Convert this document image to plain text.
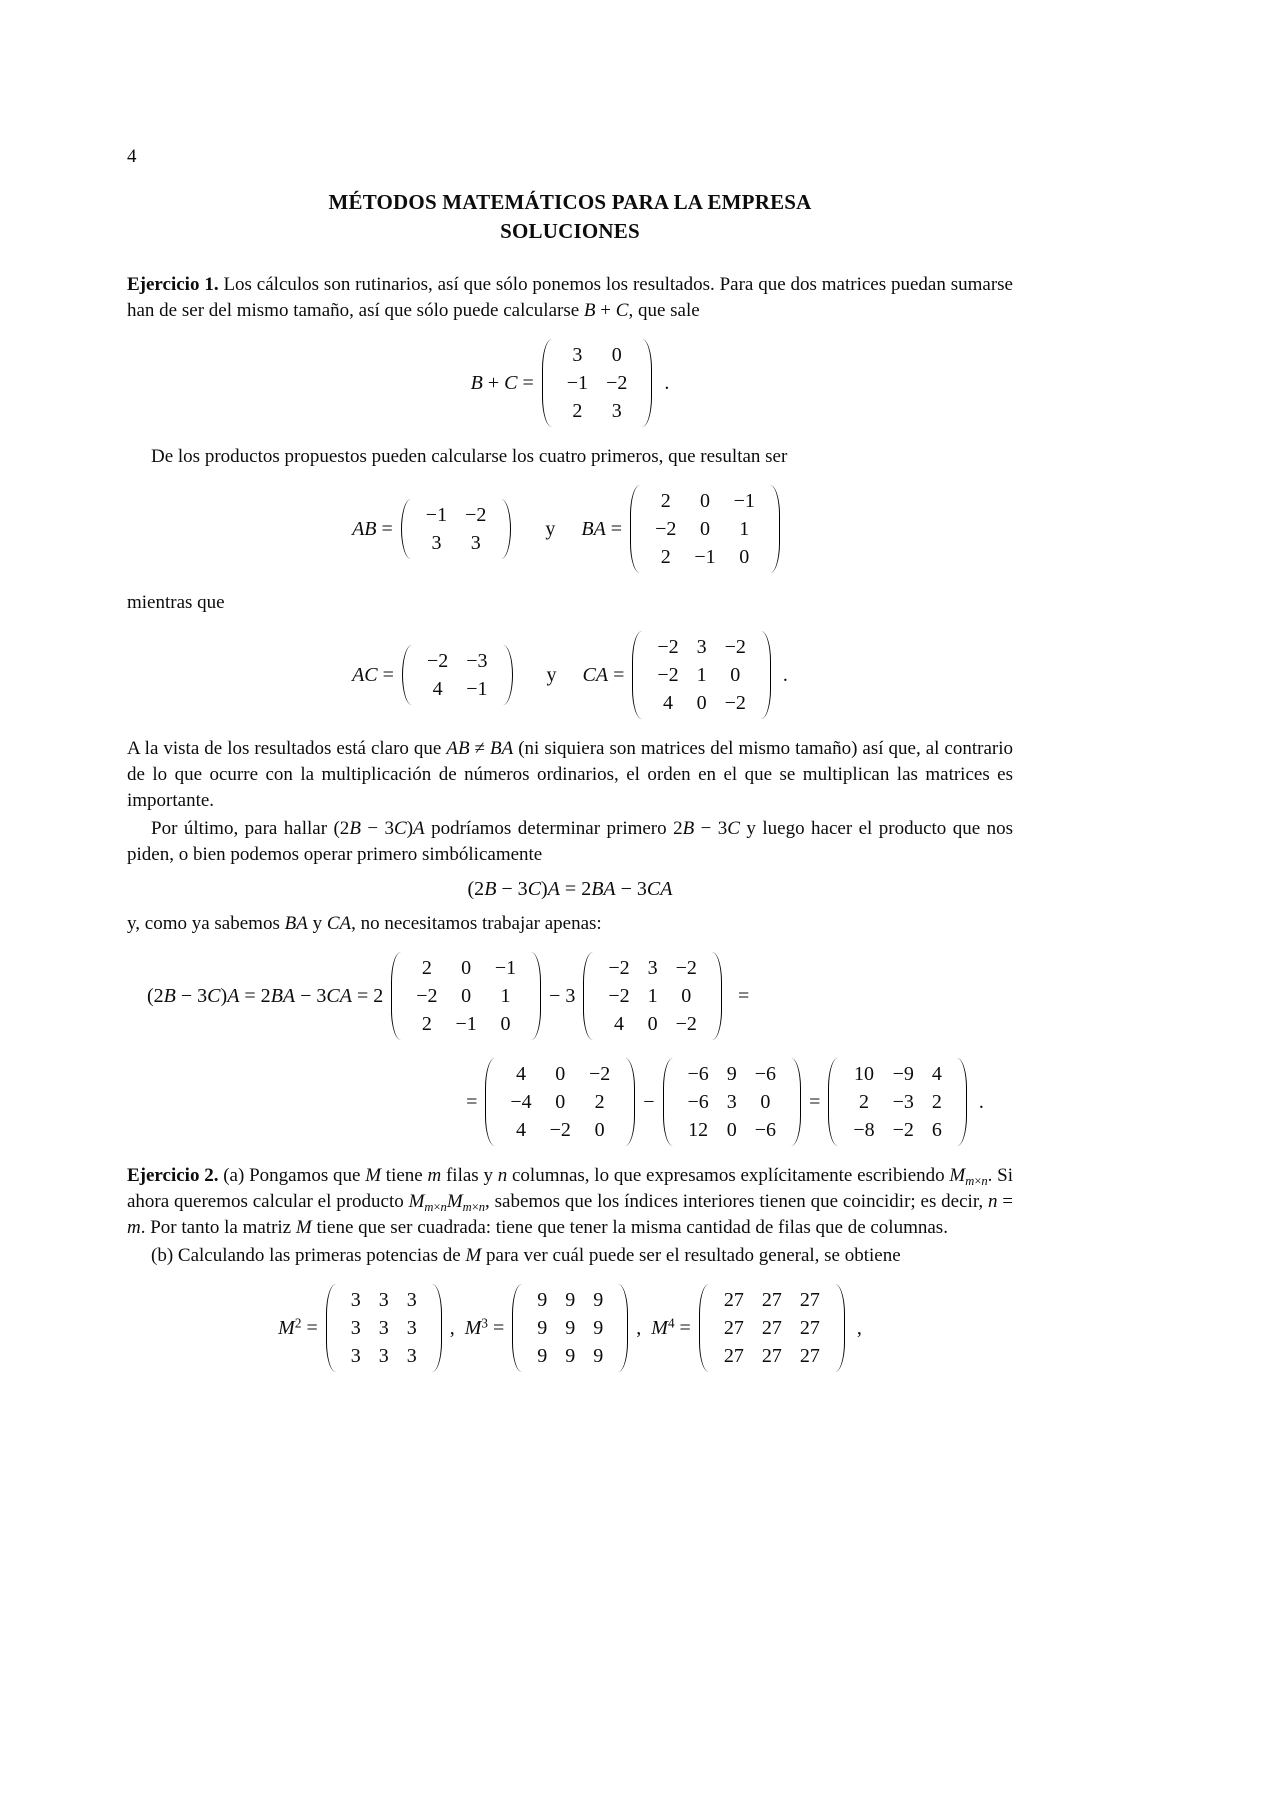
4
MÉTODOS MATEMÁTICOS PARA LA EMPRESA
SOLUCIONES

Ejercicio 1. Los cálculos son rutinarios, así que sólo ponemos los resultados. Para que dos matrices puedan sumarse han de ser del mismo tamaño, así que sólo puede calcularse B + C, que sale

B + C =
3	0
−1 −2
2	3
.

De los productos propuestos pueden calcularse los cuatro primeros, que resultan ser

AB =
−1 −2
3	3
y BA =
2	0	−1
−2	0	1
2	−1	0

mientras que

AC =
−2 −3
4	−1
y CA =
−2 3 −2
−2 1	0
4	0 −2
.

A la vista de los resultados está claro que AB ≠ BA (ni siquiera son matrices del mismo tamaño) así que, al contrario de lo que ocurre con la multiplicación de números ordinarios, el orden en el que se multiplican las matrices es importante.

Por último, para hallar (2B − 3C)A podríamos determinar primero 2B − 3C y luego hacer el producto que nos piden, o bien podemos operar primero simbólicamente

(2B − 3C)A = 2BA − 3CA

y, como ya sabemos BA y CA, no necesitamos trabajar apenas:

(2B − 3C)A = 2BA − 3CA = 2
2	0	−1
−2	0	1
2	−1	0
− 3
−2 3 −2
−2 1	0
4	0 −2
=
=
4	0	−2
−4	0	2
4	−2	0
−
−6 9 −6
−6 3	0
12 0 −6
=
10 −9 4
2	−3 2
−8 −2 6
.

Ejercicio 2. (a) Pongamos que M tiene m filas y n columnas, lo que expresamos explícitamente escribiendo $M_{m\times n}$. Si ahora queremos calcular el producto $M_{m\times n}M_{m\times n}$, sabemos que los índices interiores tienen que coincidir; es decir, n = m. Por tanto la matriz M tiene que ser cuadrada: tiene que tener la misma cantidad de filas que de columnas.

(b) Calculando las primeras potencias de M para ver cuál puede ser el resultado general, se obtiene

$M^2$ =
3 3 3
3 3 3
3 3 3
,  $M^3$ =
9 9 9
9 9 9
9 9 9
,  $M^4$ =
27 27 27
27 27 27
27 27 27
,
